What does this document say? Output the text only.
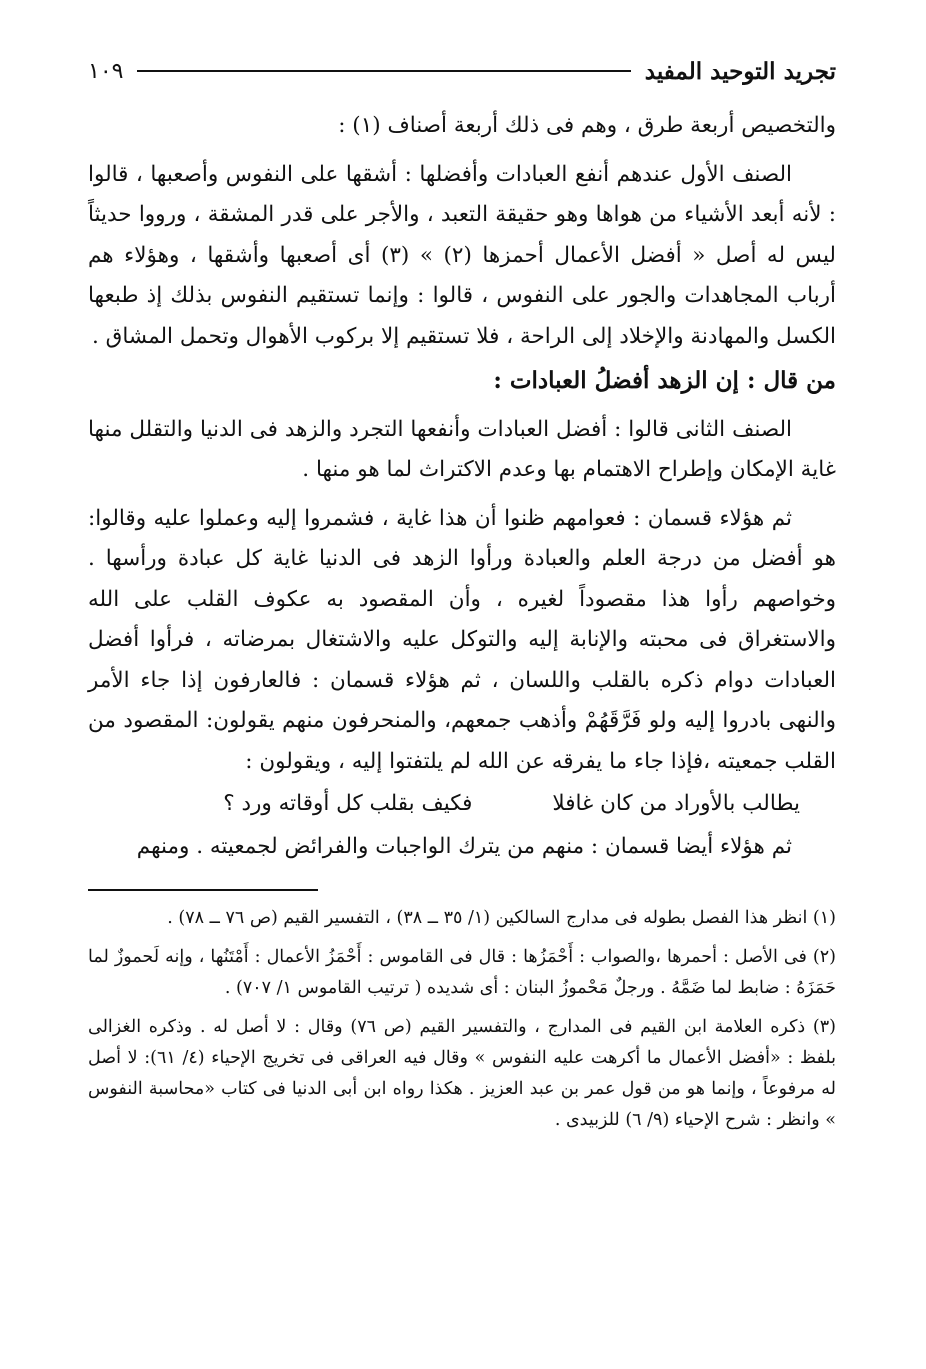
تجريد التوحيد المفيد
١٠٩

والتخصيص أربعة طرق ، وهم فى ذلك أربعة أصناف (١) :

الصنف الأول عندهم أنفع العبادات وأفضلها : أشقها على النفوس وأصعبها ، قالوا : لأنه أبعد الأشياء من هواها وهو حقيقة التعبد ، والأجر على قدر المشقة ، ورووا حديثاً ليس له أصل « أفضل الأعمال أحمزها (٢) » (٣) أى أصعبها وأشقها ، وهؤلاء هم أرباب المجاهدات والجور على النفوس ، قالوا : وإنما تستقيم النفوس بذلك إذ طبعها الكسل والمهادنة والإخلاد إلى الراحة ، فلا تستقيم إلا بركوب الأهوال وتحمل المشاق .

من قال : إن الزهد أفضلُ العبادات :

الصنف الثانى قالوا : أفضل العبادات وأنفعها التجرد والزهد فى الدنيا والتقلل منها غاية الإمكان وإطراح الاهتمام بها وعدم الاكتراث لما هو منها .

ثم هؤلاء قسمان : فعوامهم ظنوا أن هذا غاية ، فشمروا إليه وعملوا عليه وقالوا: هو أفضل من درجة العلم والعبادة ورأوا الزهد فى الدنيا غاية كل عبادة ورأسها . وخواصهم رأوا هذا مقصوداً لغيره ، وأن المقصود به عكوف القلب على الله والاستغراق فى محبته والإنابة إليه والتوكل عليه والاشتغال بمرضاته ، فرأوا أفضل العبادات دوام ذكره بالقلب واللسان ، ثم هؤلاء قسمان : فالعارفون إذا جاء الأمر والنهى بادروا إليه ولو فَرَّقَهُمْ وأذهب جمعهم، والمنحرفون منهم يقولون: المقصود من القلب جمعيته ،فإذا جاء ما يفرقه عن الله لم يلتفتوا إليه ، ويقولون :

يطالب بالأوراد من كان غافلا
فكيف بقلب كل أوقاته ورد ؟

ثم هؤلاء أيضا قسمان : منهم من يترك الواجبات والفرائض لجمعيته . ومنهم

(١) انظر هذا الفصل بطوله فى مدارج السالكين (١/ ٣٥ ــ ٣٨) ، التفسير القيم (ص ٧٦ ــ ٧٨) .

(٢) فى الأصل : أحمرها ،والصواب : أَحْمَزُها : قال فى القاموس : أَحْمَزُ الأعمال : أَمْتَنُها ، وإنه لَحموزٌ لما حَمَزَهُ : ضابط لما ضَمَّهُ . ورجلٌ مَحْموزُ البنان : أى شديده ( ترتيب القاموس ١/ ٧٠٧) .

(٣) ذكره العلامة ابن القيم فى المدارج ، والتفسير القيم (ص ٧٦) وقال : لا أصل له . وذكره الغزالى بلفظ : «أفضل الأعمال ما أكرهت عليه النفوس » وقال فيه العراقى فى تخريج الإحياء (٤/ ٦١): لا أصل له مرفوعاً ، وإنما هو من قول عمر بن عبد العزيز . هكذا رواه ابن أبى الدنيا فى كتاب «محاسبة النفوس » وانظر : شرح الإحياء (٩/ ٦) للزبيدى .
